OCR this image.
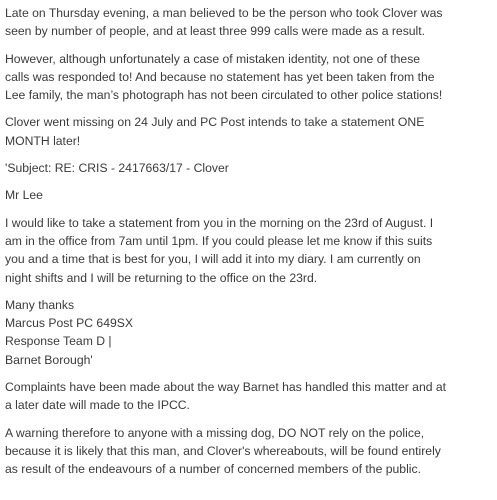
Late on Thursday evening, a man believed to be the person who took Clover was
seen by number of people, and at least three 999 calls were made as a result.
However, although unfortunately a case of mistaken identity, not one of these
calls was responded to! And because no statement has yet been taken from the
Lee family, the man’s photograph has not been circulated to other police stations!
Clover went missing on 24 July and PC Post intends to take a statement ONE
MONTH later!
'Subject: RE: CRIS - 2417663/17 - Clover
Mr Lee
I would like to take a statement from you in the morning on the 23rd of August. I
am in the office from 7am until 1pm. If you could please let me know if this suits
you and a time that is best for you, I will add it into my diary. I am currently on
night shifts and I will be returning to the office on the 23rd.
Many thanks
Marcus Post PC 649SX
Response Team D |
Barnet Borough'
Complaints have been made about the way Barnet has handled this matter and at
a later date will made to the IPCC.
A warning therefore to anyone with a missing dog, DO NOT rely on the police,
because it is likely that this man, and Clover's whereabouts, will be found entirely
as result of the endeavours of a number of concerned members of the public.
